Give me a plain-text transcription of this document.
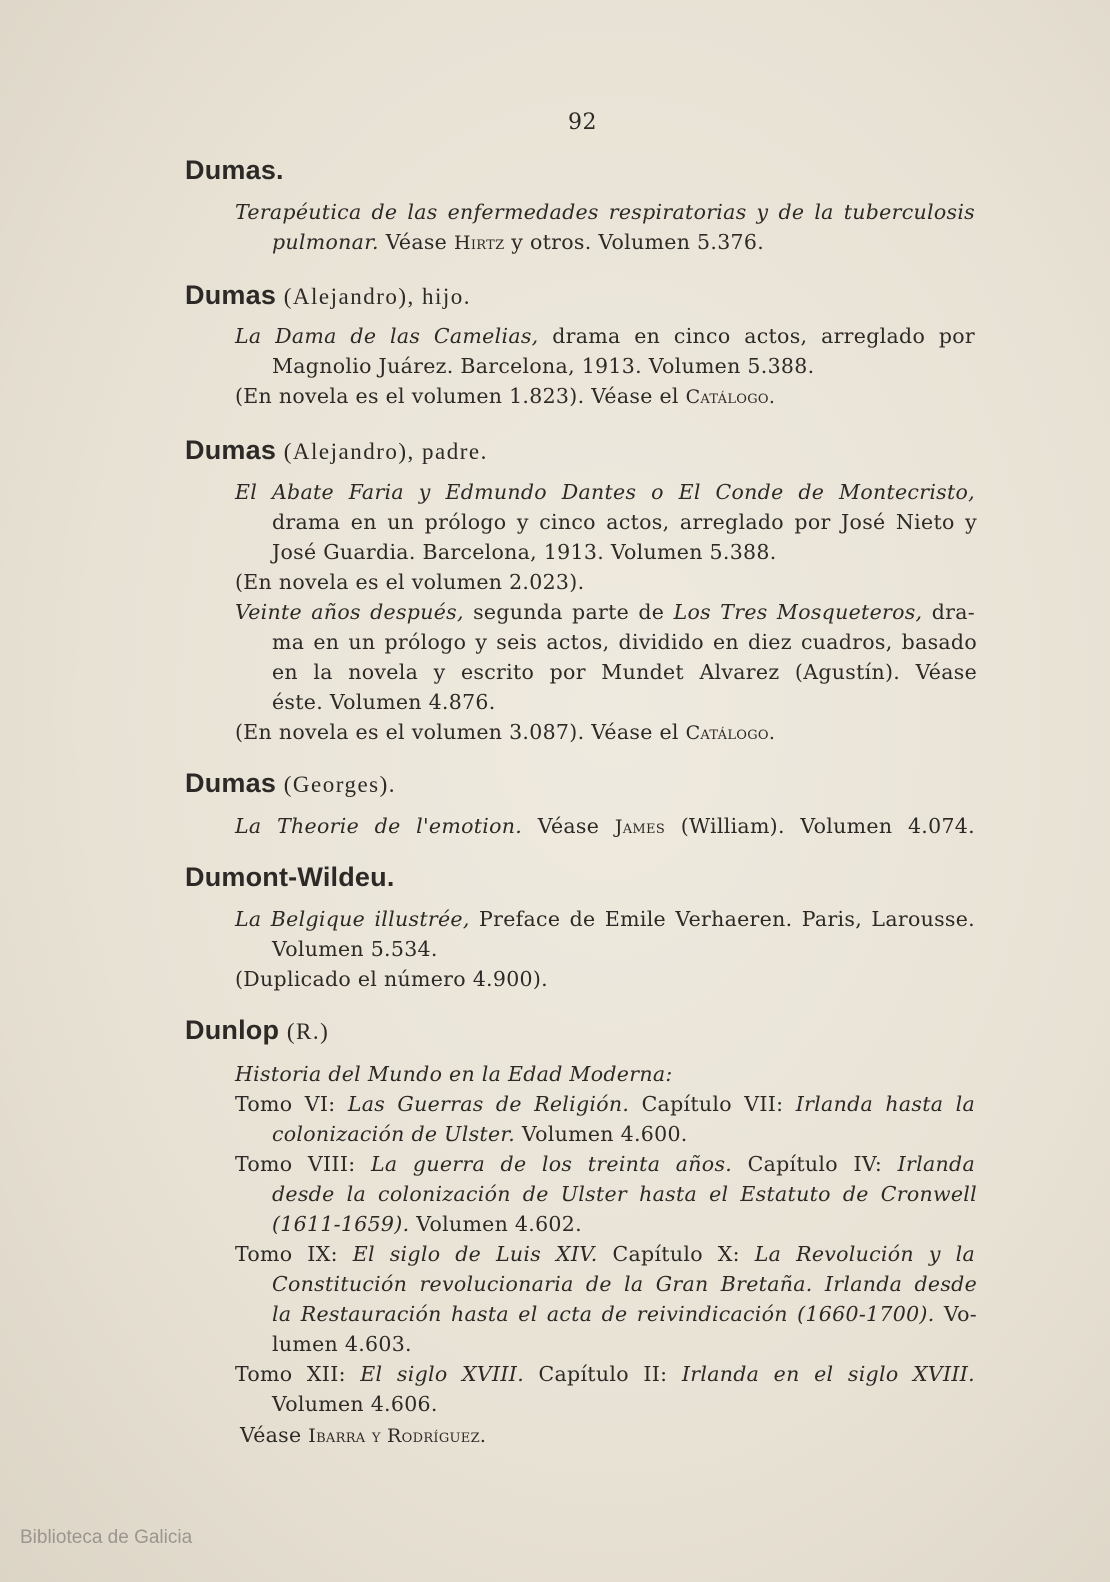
92
Dumas.
Terapéutica de las enfermedades respiratorias y de la tuberculosis
pulmonar. Véase Hirtz y otros. Volumen 5.376.
Dumas (Alejandro), hijo.
La Dama de las Camelias, drama en cinco actos, arreglado por
Magnolio Juárez. Barcelona, 1913. Volumen 5.388.
(En novela es el volumen 1.823). Véase el Catálogo.
Dumas (Alejandro), padre.
El Abate Faria y Edmundo Dantes o El Conde de Montecristo,
drama en un prólogo y cinco actos, arreglado por José Nieto y
José Guardia. Barcelona, 1913. Volumen 5.388.
(En novela es el volumen 2.023).
Veinte años después, segunda parte de Los Tres Mosqueteros, dra-
ma en un prólogo y seis actos, dividido en diez cuadros, basado
en la novela y escrito por Mundet Alvarez (Agustín). Véase
éste. Volumen 4.876.
(En novela es el volumen 3.087). Véase el Catálogo.
Dumas (Georges).
La Theorie de l'emotion. Véase James (William). Volumen 4.074.
Dumont-Wildeu.
La Belgique illustrée, Preface de Emile Verhaeren. Paris, Larousse.
Volumen 5.534.
(Duplicado el número 4.900).
Dunlop (R.)
Historia del Mundo en la Edad Moderna:
Tomo VI: Las Guerras de Religión. Capítulo VII: Irlanda hasta la
colonización de Ulster. Volumen 4.600.
Tomo VIII: La guerra de los treinta años. Capítulo IV: Irlanda
desde la colonización de Ulster hasta el Estatuto de Cronwell
(1611-1659). Volumen 4.602.
Tomo IX: El siglo de Luis XIV. Capítulo X: La Revolución y la
Constitución revolucionaria de la Gran Bretaña. Irlanda desde
la Restauración hasta el acta de reivindicación (1660-1700). Vo-
lumen 4.603.
Tomo XII: El siglo XVIII. Capítulo II: Irlanda en el siglo XVIII.
Volumen 4.606.
Véase Ibarra y Rodríguez.
Biblioteca de Galicia
